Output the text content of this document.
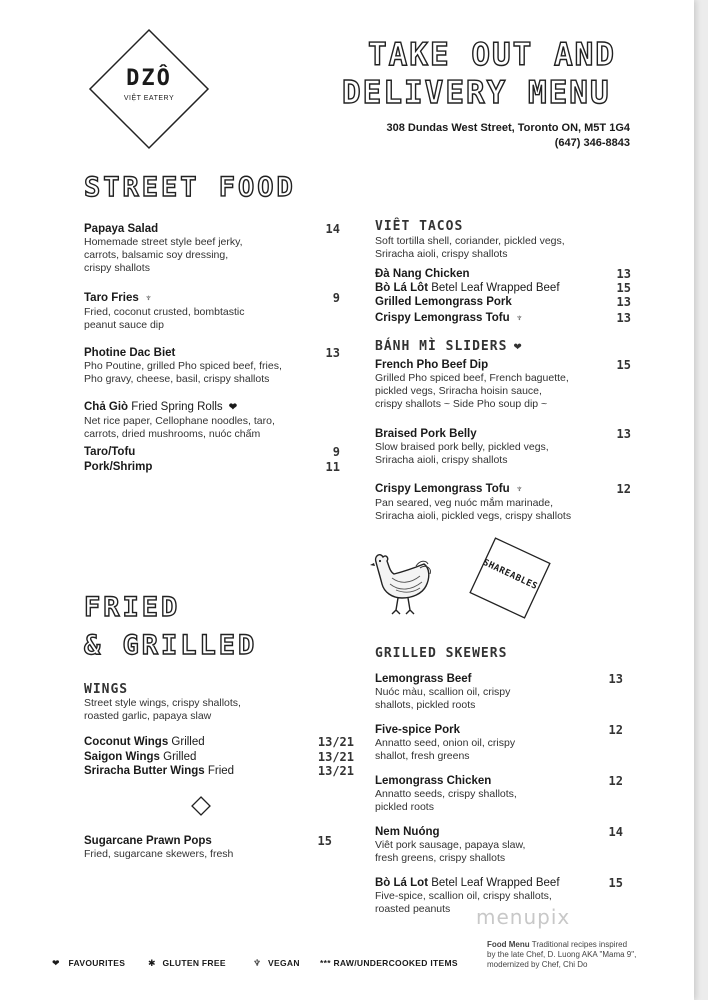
DZÔ
VIỆT EATERY
TAKE OUT AND
DELIVERY MENU
308 Dundas West Street, Toronto ON, M5T 1G4
(647) 346-8843
STREET FOOD
Papaya Salad	14
Homemade street style beef jerky,
carrots, balsamic soy dressing,
crispy shallots
Taro Fries ♆	9
Fried, coconut crusted, bombtastic
peanut sauce dip
Photine Dac Biet	13
Pho Poutine, grilled Pho spiced beef, fries,
Pho gravy, cheese, basil, crispy shallots
Chả Giò Fried Spring Rolls ❤
Net rice paper, Cellophane noodles, taro,
carrots, dried mushrooms, nuóc chấm
Taro/Tofu	9
Pork/Shrimp	11
VIÊT TACOS
Soft tortilla shell, coriander, pickled vegs,
Sriracha aioli, crispy shallots
Đà Nang Chicken	13
Bò Lá Lôt Betel Leaf Wrapped Beef	15
Grilled Lemongrass Pork	13
Crispy Lemongrass Tofu ♆	13
BÁNH MÌ SLIDERS ❤
French Pho Beef Dip	15
Grilled Pho spiced beef, French baguette,
pickled vegs, Sriracha hoisin sauce,
crispy shallots ~ Side Pho soup dip ~
Braised Pork Belly	13
Slow braised pork belly, pickled vegs,
Sriracha aioli, crispy shallots
Crispy Lemongrass Tofu ♆	12
Pan seared, veg nuóc mắm marinade,
Sriracha aioli, pickled vegs, crispy shallots
SHAREABLES
FRIED
& GRILLED
WINGS
Street style wings, crispy shallots,
roasted garlic, papaya slaw
Coconut Wings Grilled	13/21
Saigon Wings Grilled	13/21
Sriracha Butter Wings Fried	13/21
Sugarcane Prawn Pops	15
Fried, sugarcane skewers, fresh
GRILLED SKEWERS
Lemongrass Beef	13
Nuóc màu, scallion oil, crispy
shallots, pickled roots
Five-spice Pork	12
Annatto seed, onion oil, crispy
shallot, fresh greens
Lemongrass Chicken	12
Annatto seeds, crispy shallots,
pickled roots
Nem Nuóng	14
Viêt pork sausage, papaya slaw,
fresh greens, crispy shallots
Bò Lá Lot Betel Leaf Wrapped Beef	15
Five-spice, scallion oil, crispy shallots,
roasted peanuts	menupix
Food Menu Traditional recipes inspired
by the late Chef, D. Luong AKA "Mama 9",
modernized by Chef, Chi Do
❤ FAVOURITES	✱ GLUTEN FREE	♆ VEGAN *** RAW/UNDERCOOKED ITEMS
